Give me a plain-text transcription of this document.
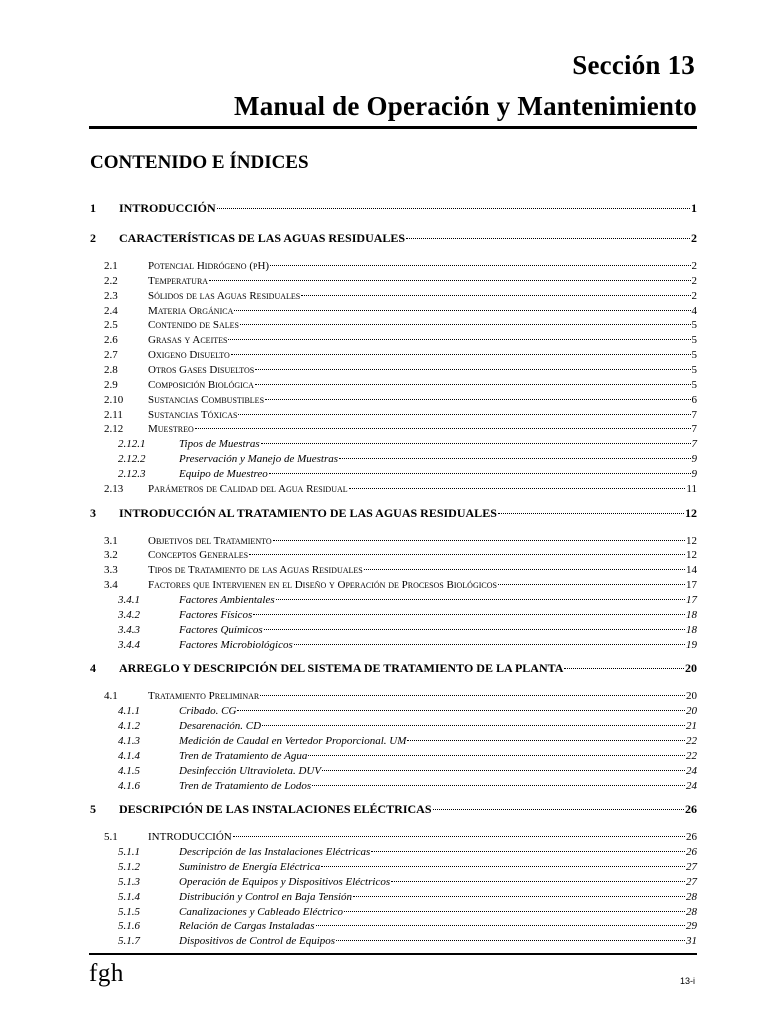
Sección 13
Manual de Operación y Mantenimiento
CONTENIDO E ÍNDICES
1	INTRODUCCIÓN	1
2	CARACTERÍSTICAS DE LAS AGUAS RESIDUALES	2
2.1	Potencial Hidrógeno (pH)	2
2.2	Temperatura	2
2.3	Sólidos de las Aguas Residuales	2
2.4	Materia Orgánica	4
2.5	Contenido de Sales	5
2.6	Grasas y Aceites	5
2.7	Oxigeno Disuelto	5
2.8	Otros Gases Disueltos	5
2.9	Composición Biológica	5
2.10	Sustancias Combustibles	6
2.11	Sustancias Tóxicas	7
2.12	Muestreo	7
2.12.1	Tipos de Muestras	7
2.12.2	Preservación y Manejo de Muestras	9
2.12.3	Equipo de Muestreo	9
2.13	Parámetros de Calidad del Agua Residual	11
3	INTRODUCCIÓN AL TRATAMIENTO DE LAS AGUAS RESIDUALES	12
3.1	Objetivos del Tratamiento	12
3.2	Conceptos Generales	12
3.3	Tipos de Tratamiento de las Aguas Residuales	14
3.4	Factores que Intervienen en el Diseño y Operación de Procesos Biológicos	17
3.4.1	Factores Ambientales	17
3.4.2	Factores Físicos	18
3.4.3	Factores Químicos	18
3.4.4	Factores Microbiológicos	19
4	ARREGLO Y DESCRIPCIÓN DEL SISTEMA DE TRATAMIENTO DE LA PLANTA	20
4.1	Tratamiento Preliminar	20
4.1.1	Cribado. CG	20
4.1.2	Desarenación. CD	21
4.1.3	Medición de Caudal en Vertedor Proporcional. UM	22
4.1.4	Tren de Tratamiento de Agua	22
4.1.5	Desinfección Ultravioleta. DUV	24
4.1.6	Tren de Tratamiento de Lodos	24
5	DESCRIPCIÓN DE LAS INSTALACIONES ELÉCTRICAS	26
5.1	INTRODUCCIÓN	26
5.1.1	Descripción de las Instalaciones Eléctricas	26
5.1.2	Suministro de Energía Eléctrica	27
5.1.3	Operación de Equipos y Dispositivos Eléctricos	27
5.1.4	Distribución y Control en Baja Tensión	28
5.1.5	Canalizaciones y Cableado Eléctrico	28
5.1.6	Relación de Cargas Instaladas	29
5.1.7	Dispositivos de Control de Equipos	31
fgh	13-i
